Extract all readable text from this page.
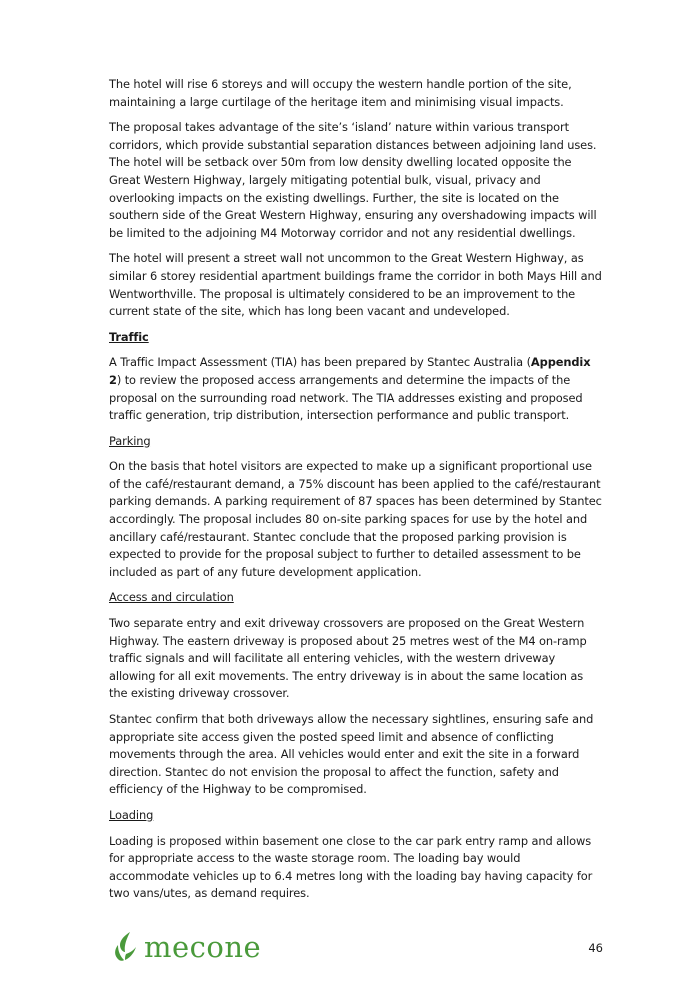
The hotel will rise 6 storeys and will occupy the western handle portion of the site, maintaining a large curtilage of the heritage item and minimising visual impacts.

The proposal takes advantage of the site’s ‘island’ nature within various transport corridors, which provide substantial separation distances between adjoining land uses. The hotel will be setback over 50m from low density dwelling located opposite the Great Western Highway, largely mitigating potential bulk, visual, privacy and overlooking impacts on the existing dwellings. Further, the site is located on the southern side of the Great Western Highway, ensuring any overshadowing impacts will be limited to the adjoining M4 Motorway corridor and not any residential dwellings.

The hotel will present a street wall not uncommon to the Great Western Highway, as similar 6 storey residential apartment buildings frame the corridor in both Mays Hill and Wentworthville. The proposal is ultimately considered to be an improvement to the current state of the site, which has long been vacant and undeveloped.

Traffic

A Traffic Impact Assessment (TIA) has been prepared by Stantec Australia (Appendix 2) to review the proposed access arrangements and determine the impacts of the proposal on the surrounding road network. The TIA addresses existing and proposed traffic generation, trip distribution, intersection performance and public transport.

Parking

On the basis that hotel visitors are expected to make up a significant proportional use of the café/restaurant demand, a 75% discount has been applied to the café/restaurant parking demands. A parking requirement of 87 spaces has been determined by Stantec accordingly. The proposal includes 80 on-site parking spaces for use by the hotel and ancillary café/restaurant. Stantec conclude that the proposed parking provision is expected to provide for the proposal subject to further to detailed assessment to be included as part of any future development application.

Access and circulation

Two separate entry and exit driveway crossovers are proposed on the Great Western Highway. The eastern driveway is proposed about 25 metres west of the M4 on-ramp traffic signals and will facilitate all entering vehicles, with the western driveway allowing for all exit movements. The entry driveway is in about the same location as the existing driveway crossover.

Stantec confirm that both driveways allow the necessary sightlines, ensuring safe and appropriate site access given the posted speed limit and absence of conflicting movements through the area. All vehicles would enter and exit the site in a forward direction. Stantec do not envision the proposal to affect the function, safety and efficiency of the Highway to be compromised.

Loading

Loading is proposed within basement one close to the car park entry ramp and allows for appropriate access to the waste storage room. The loading bay would accommodate vehicles up to 6.4 metres long with the loading bay having capacity for two vans/utes, as demand requires.

mecone	46
